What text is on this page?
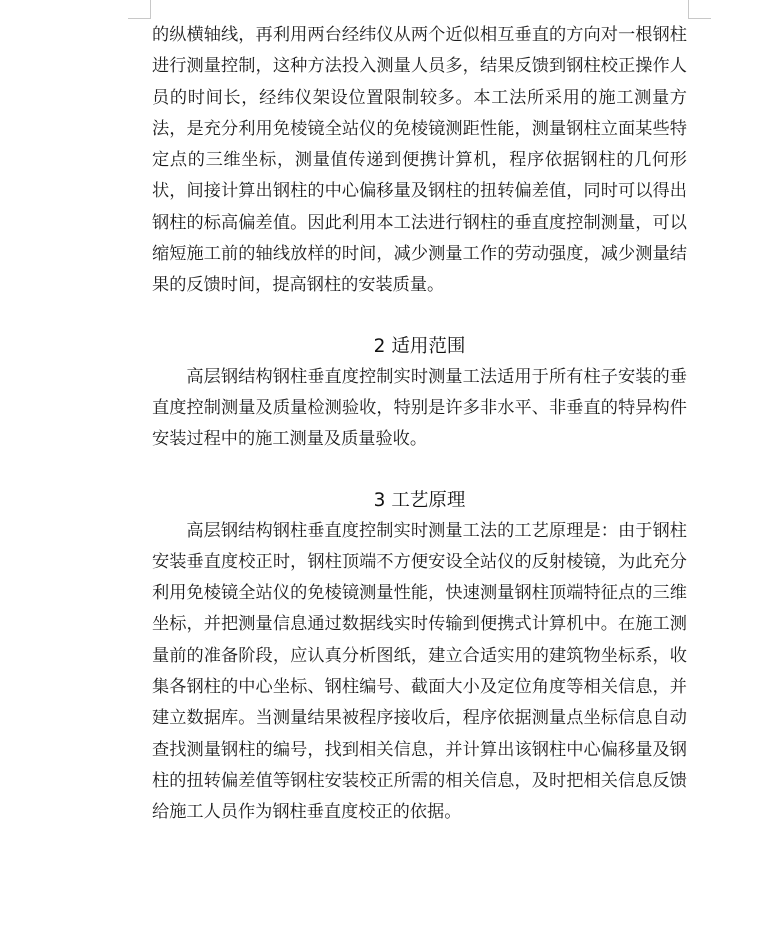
的纵横轴线，再利用两台经纬仪从两个近似相互垂直的方向对一根钢柱进行测量控制，这种方法投入测量人员多，结果反馈到钢柱校正操作人员的时间长，经纬仪架设位置限制较多。本工法所采用的施工测量方法，是充分利用免棱镜全站仪的免棱镜测距性能，测量钢柱立面某些特定点的三维坐标，测量值传递到便携计算机，程序依据钢柱的几何形状，间接计算出钢柱的中心偏移量及钢柱的扭转偏差值，同时可以得出钢柱的标高偏差值。因此利用本工法进行钢柱的垂直度控制测量，可以缩短施工前的轴线放样的时间，减少测量工作的劳动强度，减少测量结果的反馈时间，提高钢柱的安装质量。

2 适用范围

高层钢结构钢柱垂直度控制实时测量工法适用于所有柱子安装的垂直度控制测量及质量检测验收，特别是许多非水平、非垂直的特异构件安装过程中的施工测量及质量验收。

3 工艺原理

高层钢结构钢柱垂直度控制实时测量工法的工艺原理是：由于钢柱安装垂直度校正时，钢柱顶端不方便安设全站仪的反射棱镜，为此充分利用免棱镜全站仪的免棱镜测量性能，快速测量钢柱顶端特征点的三维坐标，并把测量信息通过数据线实时传输到便携式计算机中。在施工测量前的准备阶段，应认真分析图纸，建立合适实用的建筑物坐标系，收集各钢柱的中心坐标、钢柱编号、截面大小及定位角度等相关信息，并建立数据库。当测量结果被程序接收后，程序依据测量点坐标信息自动查找测量钢柱的编号，找到相关信息，并计算出该钢柱中心偏移量及钢柱的扭转偏差值等钢柱安装校正所需的相关信息，及时把相关信息反馈给施工人员作为钢柱垂直度校正的依据。
